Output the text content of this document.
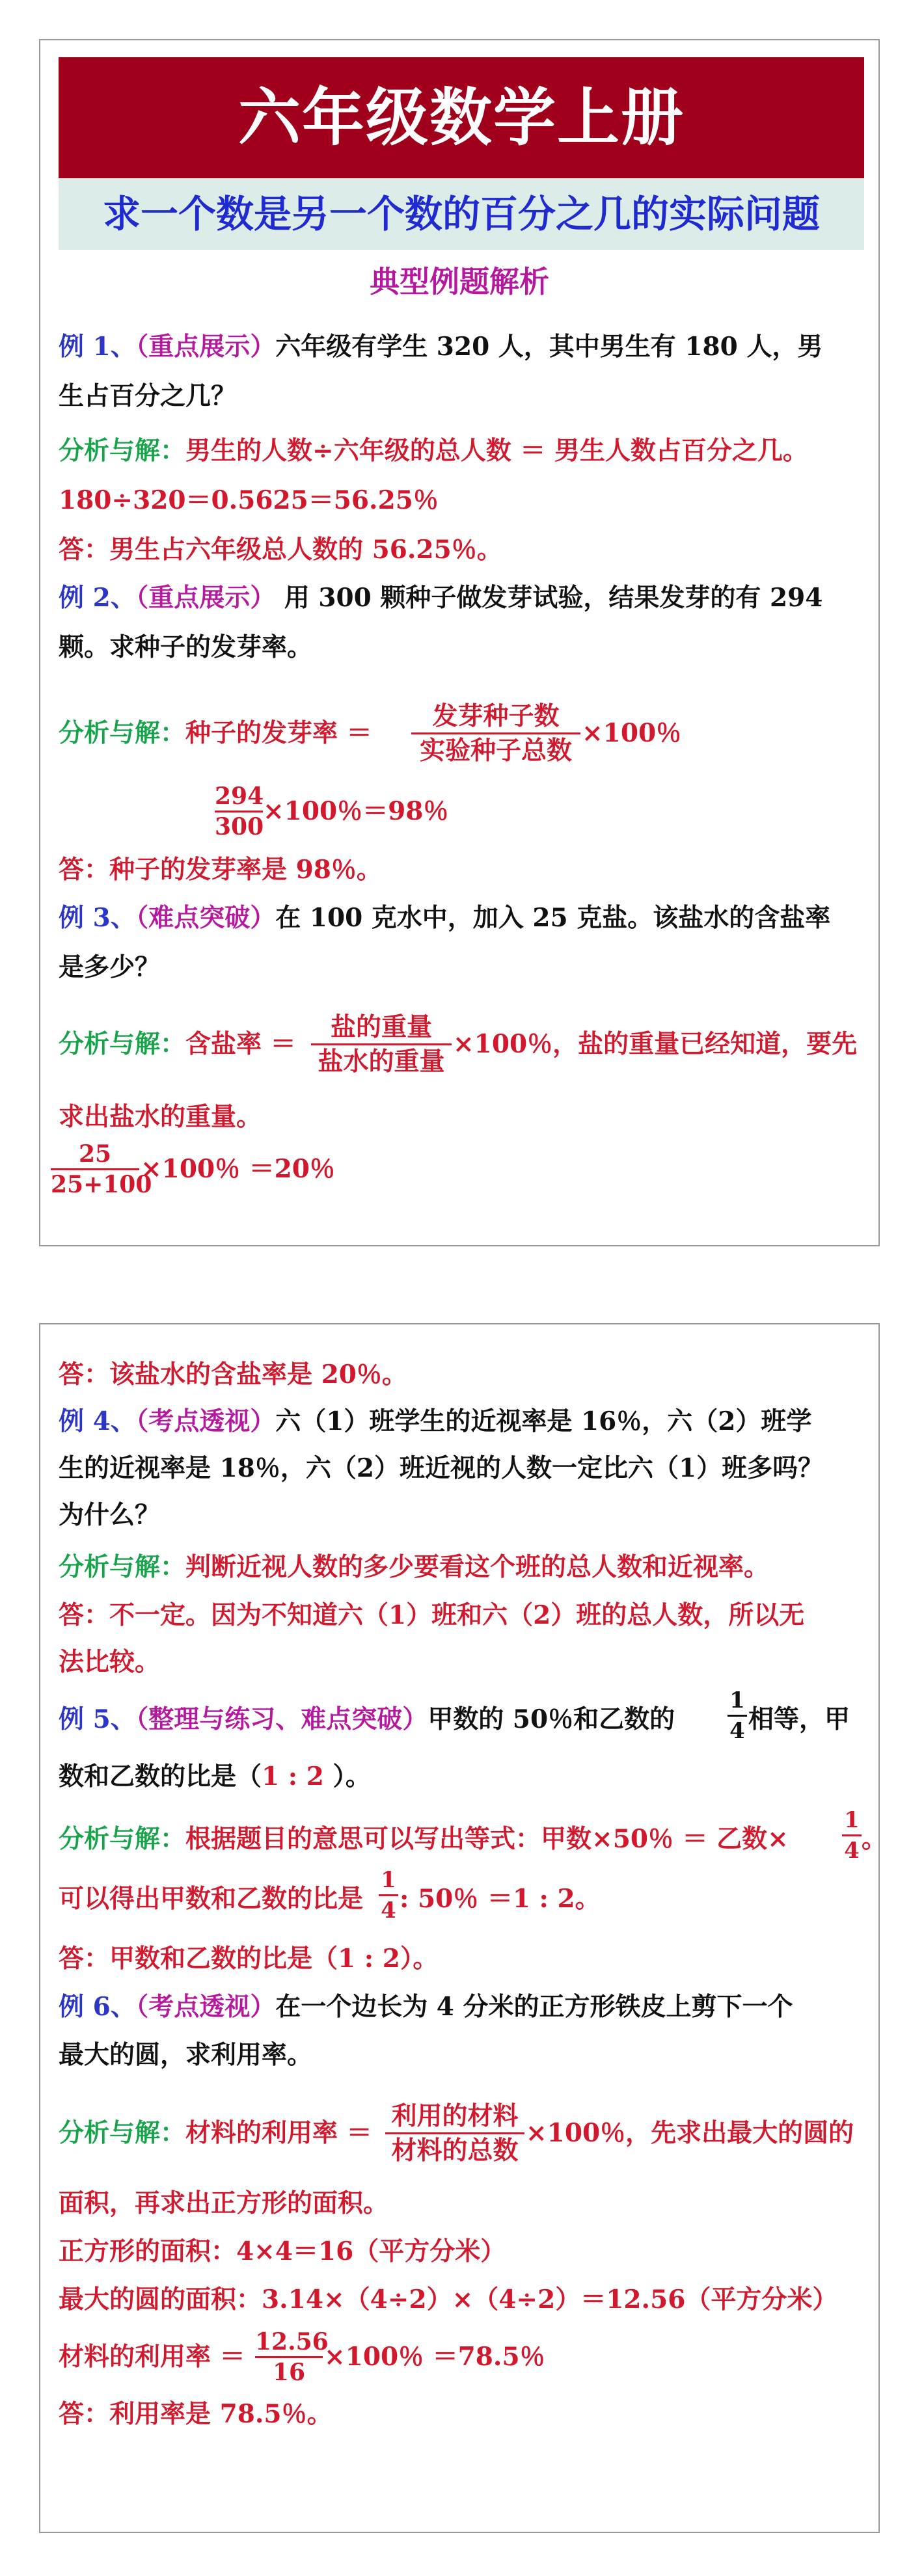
六年级数学上册
求一个数是另一个数的百分之几的实际问题
典型例题解析
例 1、（重点展示）六年级有学生 320 人，其中男生有 180 人，男
生占百分之几？
分析与解：男生的人数÷六年级的总人数 ＝ 男生人数占百分之几。
180÷320＝0.5625＝56.25％
答：男生占六年级总人数的 56.25％。
例 2、（重点展示） 用 300 颗种子做发芽试验，结果发芽的有 294
颗。求种子的发芽率。
分析与解：种子的发芽率 ＝
发芽种子数
实验种子总数
×100％
294
300
×100％＝98％
答：种子的发芽率是 98％。
例 3、（难点突破）在 100 克水中，加入 25 克盐。该盐水的含盐率
是多少？
分析与解：含盐率 ＝
盐的重量
盐水的重量
×100％，盐的重量已经知道，要先
求出盐水的重量。
25
25+100
×100％ ＝20％
答：该盐水的含盐率是 20％。
例 4、（考点透视）六（1）班学生的近视率是 16％，六（2）班学
生的近视率是 18％，六（2）班近视的人数一定比六（1）班多吗？
为什么？
分析与解：判断近视人数的多少要看这个班的总人数和近视率。
答：不一定。因为不知道六（1）班和六（2）班的总人数，所以无
法比较。
例 5、（整理与练习、难点突破）甲数的 50％和乙数的
1
4 相等，甲
数和乙数的比是（1 : 2 ）。
分析与解：根据题目的意思可以写出等式：甲数×50％ ＝ 乙数×
1
4 。
可以得出甲数和乙数的比是
1
4 : 50％ ＝1 : 2。
答：甲数和乙数的比是（1 : 2）。
例 6、（考点透视）在一个边长为 4 分米的正方形铁皮上剪下一个
最大的圆，求利用率。
分析与解：材料的利用率 ＝
利用的材料
材料的总数
×100％，先求出最大的圆的
面积，再求出正方形的面积。
正方形的面积：4×4＝16（平方分米）
最大的圆的面积：3.14×（4÷2）×（4÷2）＝12.56（平方分米）
材料的利用率 ＝ 12.56
16
×100％ ＝78.5％
答：利用率是 78.5％。
